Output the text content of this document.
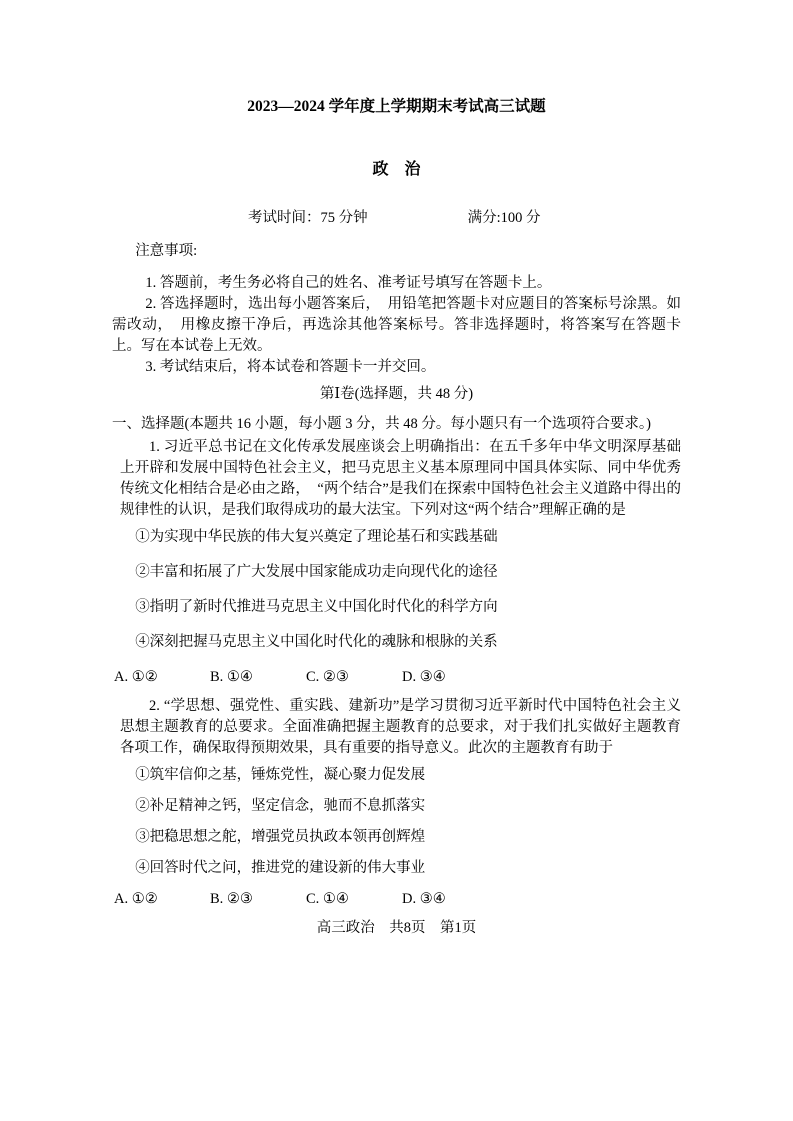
2023—2024 学年度上学期期末考试高三试题
政　治
考试时间：75 分钟	满分:100 分

注意事项:

1. 答题前，考生务必将自己的姓名、准考证号填写在答题卡上。

2. 答选择题时，选出每小题答案后，　用铅笔把答题卡对应题目的答案标号涂黑。如需改动，　用橡皮擦干净后，再选涂其他答案标号。答非选择题时，将答案写在答题卡上。写在本试卷上无效。

3. 考试结束后，将本试卷和答题卡一并交回。

第Ⅰ卷(选择题，共 48 分)

一、选择题(本题共 16 小题，每小题 3 分，共 48 分。每小题只有一个选项符合要求。)

1. 习近平总书记在文化传承发展座谈会上明确指出：在五千多年中华文明深厚基础上开辟和发展中国特色社会主义，把马克思主义基本原理同中国具体实际、同中华优秀传统文化相结合是必由之路，　“两个结合”是我们在探索中国特色社会主义道路中得出的规律性的认识，是我们取得成功的最大法宝。下列对这“两个结合”理解正确的是

①为实现中华民族的伟大复兴奠定了理论基石和实践基础

②丰富和拓展了广大发展中国家能成功走向现代化的途径

③指明了新时代推进马克思主义中国化时代化的科学方向

④深刻把握马克思主义中国化时代化的魂脉和根脉的关系

A. ①②	B. ①④	C. ②③	D. ③④

2. “学思想、强党性、重实践、建新功”是学习贯彻习近平新时代中国特色社会主义思想主题教育的总要求。全面准确把握主题教育的总要求，对于我们扎实做好主题教育各项工作，确保取得预期效果，具有重要的指导意义。此次的主题教育有助于

①筑牢信仰之基，锤炼党性，凝心聚力促发展

②补足精神之钙，坚定信念，驰而不息抓落实

③把稳思想之舵，增强党员执政本领再创辉煌

④回答时代之问，推进党的建设新的伟大事业

A. ①②	B. ②③	C. ①④	D. ③④

高三政治　共8页　第1页
